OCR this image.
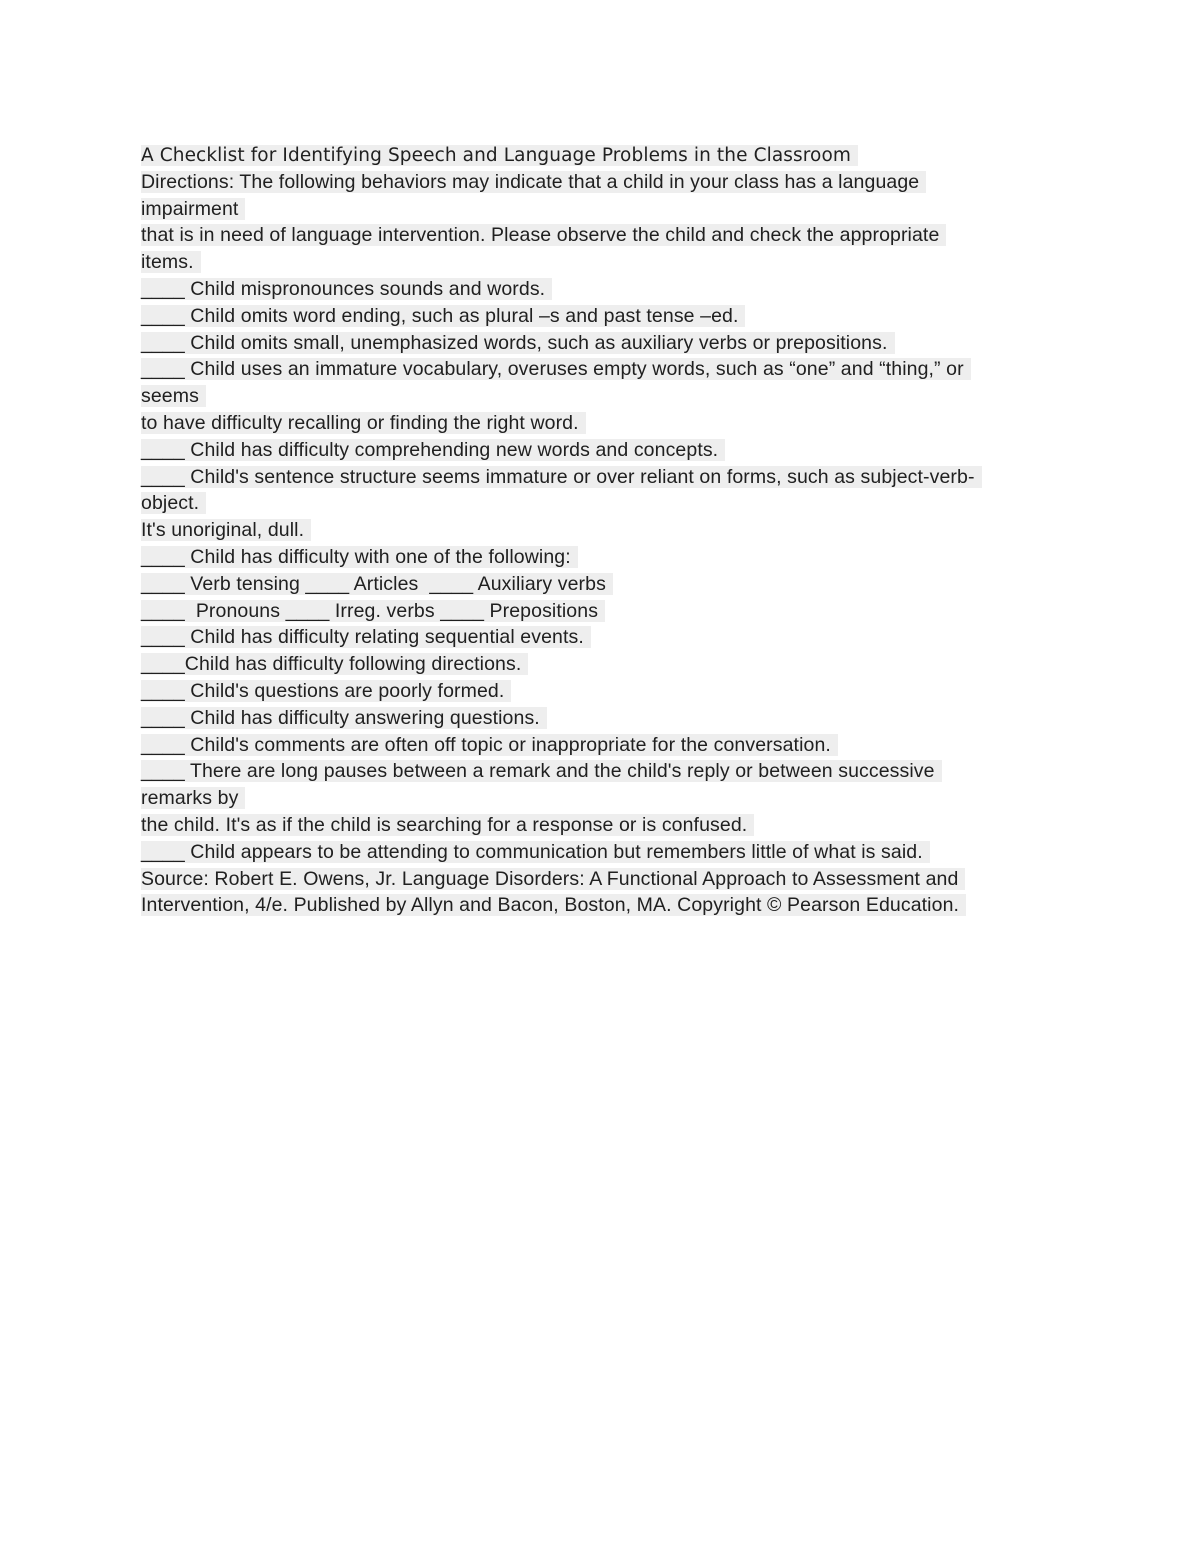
A Checklist for Identifying Speech and Language Problems in the Classroom
Directions: The following behaviors may indicate that a child in your class has a language
impairment
that is in need of language intervention. Please observe the child and check the appropriate
items.
____ Child mispronounces sounds and words.
____ Child omits word ending, such as plural –s and past tense –ed.
____ Child omits small, unemphasized words, such as auxiliary verbs or prepositions.
____ Child uses an immature vocabulary, overuses empty words, such as “one” and “thing,” or
seems
to have difficulty recalling or finding the right word.
____ Child has difficulty comprehending new words and concepts.
____ Child's sentence structure seems immature or over reliant on forms, such as subject-verb-
object.
It's unoriginal, dull.
____ Child has difficulty with one of the following:
____ Verb tensing ____ Articles  ____ Auxiliary verbs
____  Pronouns ____ Irreg. verbs ____ Prepositions
____ Child has difficulty relating sequential events.
____Child has difficulty following directions.
____ Child's questions are poorly formed.
____ Child has difficulty answering questions.
____ Child's comments are often off topic or inappropriate for the conversation.
____ There are long pauses between a remark and the child's reply or between successive
remarks by
the child. It's as if the child is searching for a response or is confused.
____ Child appears to be attending to communication but remembers little of what is said.
Source: Robert E. Owens, Jr. Language Disorders: A Functional Approach to Assessment and
Intervention, 4/e. Published by Allyn and Bacon, Boston, MA. Copyright © Pearson Education.
